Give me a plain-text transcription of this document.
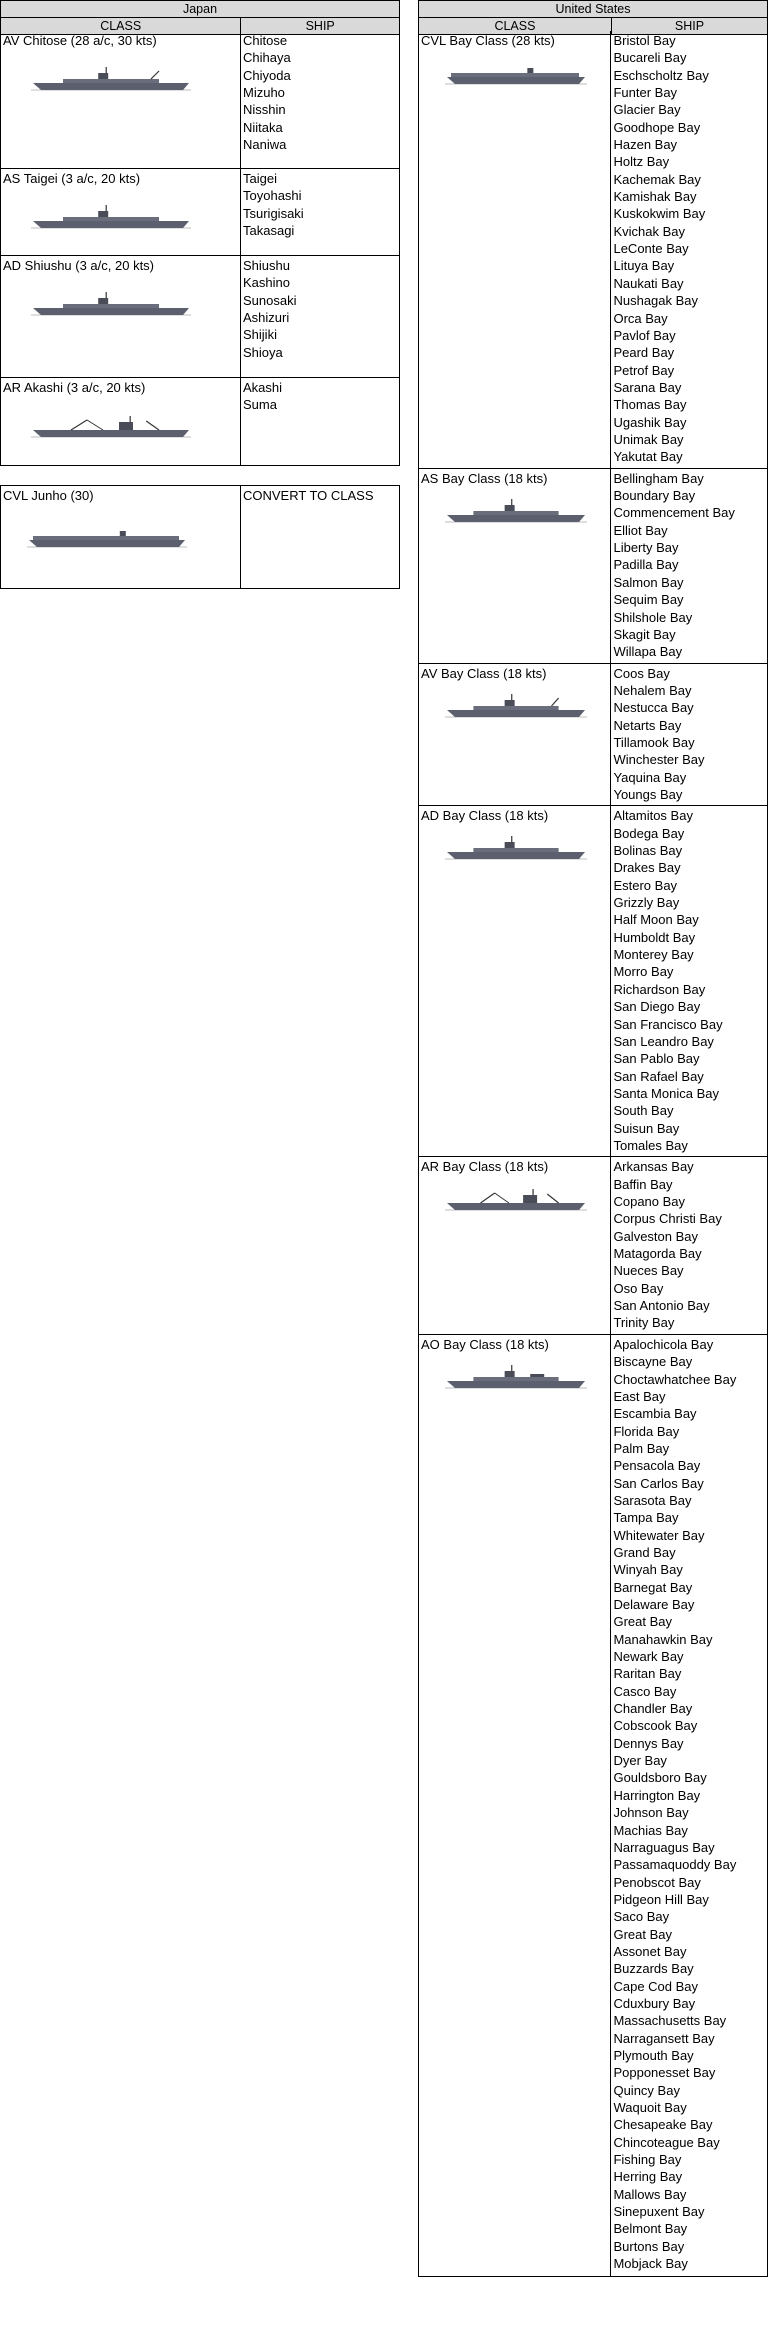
Japan
CLASS	SHIP
AV Chitose (28 a/c, 30 kts)	Chitose
Chihaya
Chiyoda
Mizuho
Nisshin
Niitaka
Naniwa
AS Taigei (3 a/c, 20 kts)	Taigei
Toyohashi
Tsurigisaki
Takasagi
AD Shiushu (3 a/c, 20 kts)	Shiushu
Kashino
Sunosaki
Ashizuri
Shijiki
Shioya
AR Akashi (3 a/c, 20 kts)	Akashi
Suma
CVL Junho (30)	CONVERT TO CLASS
United States
CLASS	SHIP
CVL Bay Class (28 kts)	Bristol Bay
Bucareli Bay
Eschscholtz Bay
Funter Bay
Glacier Bay
Goodhope Bay
Hazen Bay
Holtz Bay
Kachemak Bay
Kamishak Bay
Kuskokwim Bay
Kvichak Bay
LeConte Bay
Lituya Bay
Naukati Bay
Nushagak Bay
Orca Bay
Pavlof Bay
Peard Bay
Petrof Bay
Sarana Bay
Thomas Bay
Ugashik Bay
Unimak Bay
Yakutat Bay
AS Bay Class (18 kts)	Bellingham Bay
Boundary Bay
Commencement Bay
Elliot Bay
Liberty Bay
Padilla Bay
Salmon Bay
Sequim Bay
Shilshole Bay
Skagit Bay
Willapa Bay
AV Bay Class (18 kts)	Coos Bay
Nehalem Bay
Nestucca Bay
Netarts Bay
Tillamook Bay
Winchester Bay
Yaquina Bay
Youngs Bay
AD Bay Class (18 kts)	Altamitos Bay
Bodega Bay
Bolinas Bay
Drakes Bay
Estero Bay
Grizzly Bay
Half Moon Bay
Humboldt Bay
Monterey Bay
Morro Bay
Richardson Bay
San Diego Bay
San Francisco Bay
San Leandro Bay
San Pablo Bay
San Rafael Bay
Santa Monica Bay
South Bay
Suisun Bay
Tomales Bay
AR Bay Class (18 kts)	Arkansas Bay
Baffin Bay
Copano Bay
Corpus Christi Bay
Galveston Bay
Matagorda Bay
Nueces Bay
Oso Bay
San Antonio Bay
Trinity Bay
AO Bay Class (18 kts)	Apalochicola Bay
Biscayne Bay
Choctawhatchee Bay
East Bay
Escambia Bay
Florida Bay
Palm Bay
Pensacola Bay
San Carlos Bay
Sarasota Bay
Tampa Bay
Whitewater Bay
Grand Bay
Winyah Bay
Barnegat Bay
Delaware Bay
Great Bay
Manahawkin Bay
Newark Bay
Raritan Bay
Casco Bay
Chandler Bay
Cobscook Bay
Dennys Bay
Dyer Bay
Gouldsboro Bay
Harrington Bay
Johnson Bay
Machias Bay
Narraguagus Bay
Passamaquoddy Bay
Penobscot Bay
Pidgeon Hill Bay
Saco Bay
Great Bay
Assonet Bay
Buzzards Bay
Cape Cod Bay
Cduxbury Bay
Massachusetts Bay
Narragansett Bay
Plymouth Bay
Popponesset Bay
Quincy Bay
Waquoit Bay
Chesapeake Bay
Chincoteague Bay
Fishing Bay
Herring Bay
Mallows Bay
Sinepuxent Bay
Belmont Bay
Burtons Bay
Mobjack Bay
